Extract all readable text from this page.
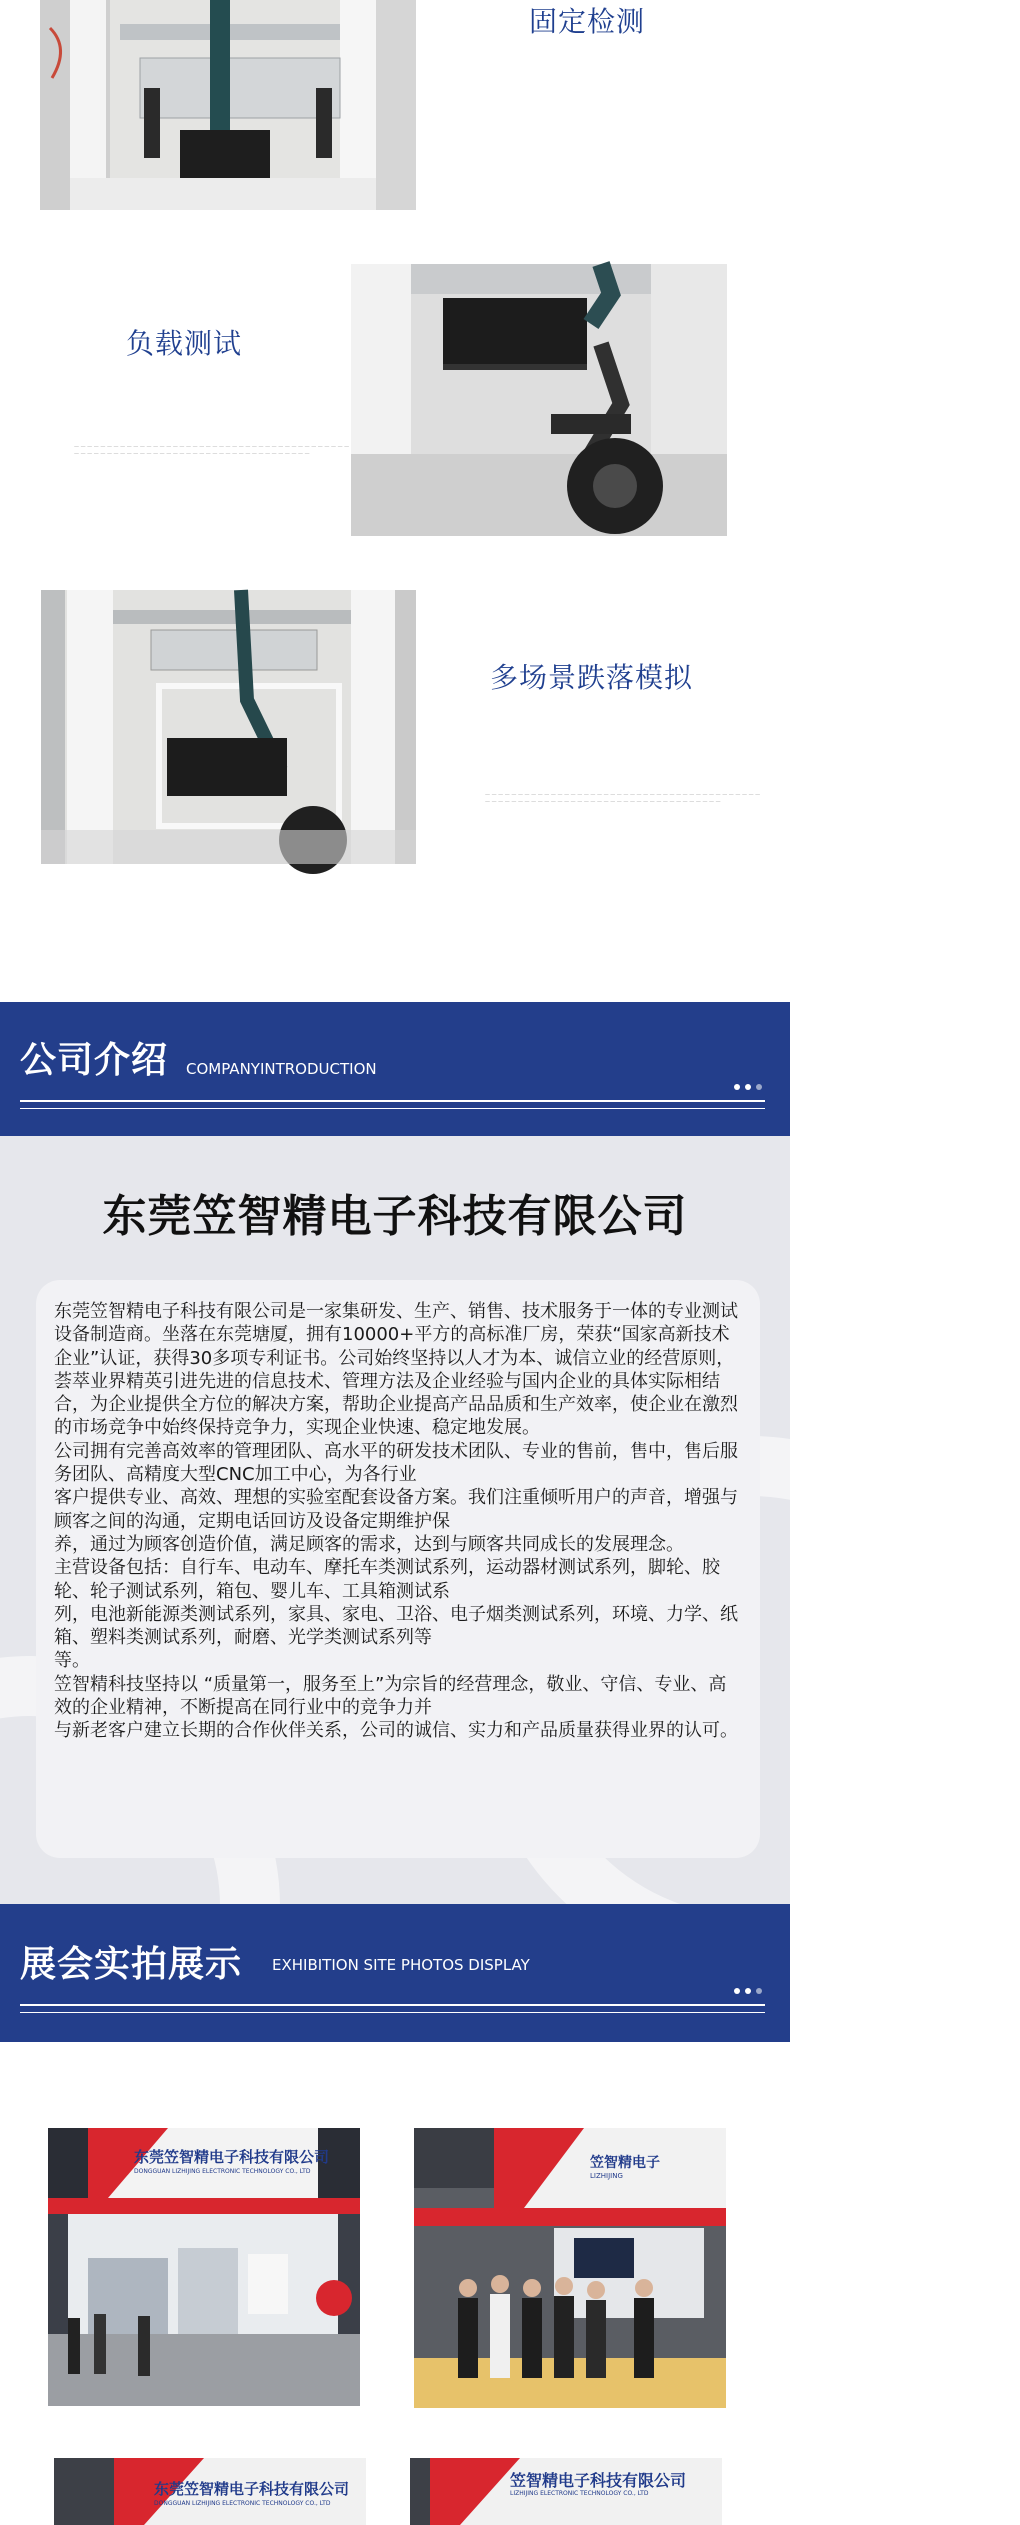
固定检测
负载测试
— — — — — — — — — — — — — — — — — — — — — — — — — — — — — — — — — — — — — — — — — —
— — — — — — — — — — — — — — — — — — — — — — — — — — — — — — — — — — — —
多场景跌落模拟
— — — — — — — — — — — — — — — — — — — — — — — — — — — — — — — — — — — — — — — — — —
— — — — — — — — — — — — — — — — — — — — — — — — — — — — — — — — — — — —
公司介绍 COMPANYINTRODUCTION
东莞笠智精电子科技有限公司

东莞笠智精电子科技有限公司是一家集研发、生产、销售、技术服务于一体的专业测试设备制造商。坐落在东莞塘厦，拥有10000+平方的高标准厂房，荣获“国家高新技术企业”认证，获得30多项专利证书。公司始终坚持以人才为本、诚信立业的经营原则，荟萃业界精英引进先进的信息技术、管理方法及企业经验与国内企业的具体实际相结合，为企业提供全方位的解决方案，帮助企业提高产品品质和生产效率，使企业在激烈的市场竞争中始终保持竞争力，实现企业快速、稳定地发展。

公司拥有完善高效率的管理团队、高水平的研发技术团队、专业的售前，售中，售后服务团队、高精度大型CNC加工中心，为各行业

客户提供专业、高效、理想的实验室配套设备方案。我们注重倾听用户的声音，增强与顾客之间的沟通，定期电话回访及设备定期维护保

养，通过为顾客创造价值，满足顾客的需求，达到与顾客共同成长的发展理念。

主营设备包括：自行车、电动车、摩托车类测试系列，运动器材测试系列，脚轮、胶轮、轮子测试系列，箱包、婴儿车、工具箱测试系

列，电池新能源类测试系列，家具、家电、卫浴、电子烟类测试系列，环境、力学、纸箱、塑料类测试系列，耐磨、光学类测试系列等

等。

笠智精科技坚持以 “质量第一，服务至上”为宗旨的经营理念，敬业、守信、专业、高效的企业精神，不断提高在同行业中的竞争力并

与新老客户建立长期的合作伙伴关系，公司的诚信、实力和产品质量获得业界的认可。

展会实拍展示 EXHIBITION SITE PHOTOS DISPLAY
东莞笠智精电子科技有限公司
DONGGUAN LIZHIJING ELECTRONIC TECHNOLOGY CO., LTD
笠智精电子
LIZHIJING
东莞笠智精电子科技有限公司
DONGGUAN LIZHIJING ELECTRONIC TECHNOLOGY CO., LTD
笠智精电子科技有限公司
LIZHIJING ELECTRONIC TECHNOLOGY CO., LTD
